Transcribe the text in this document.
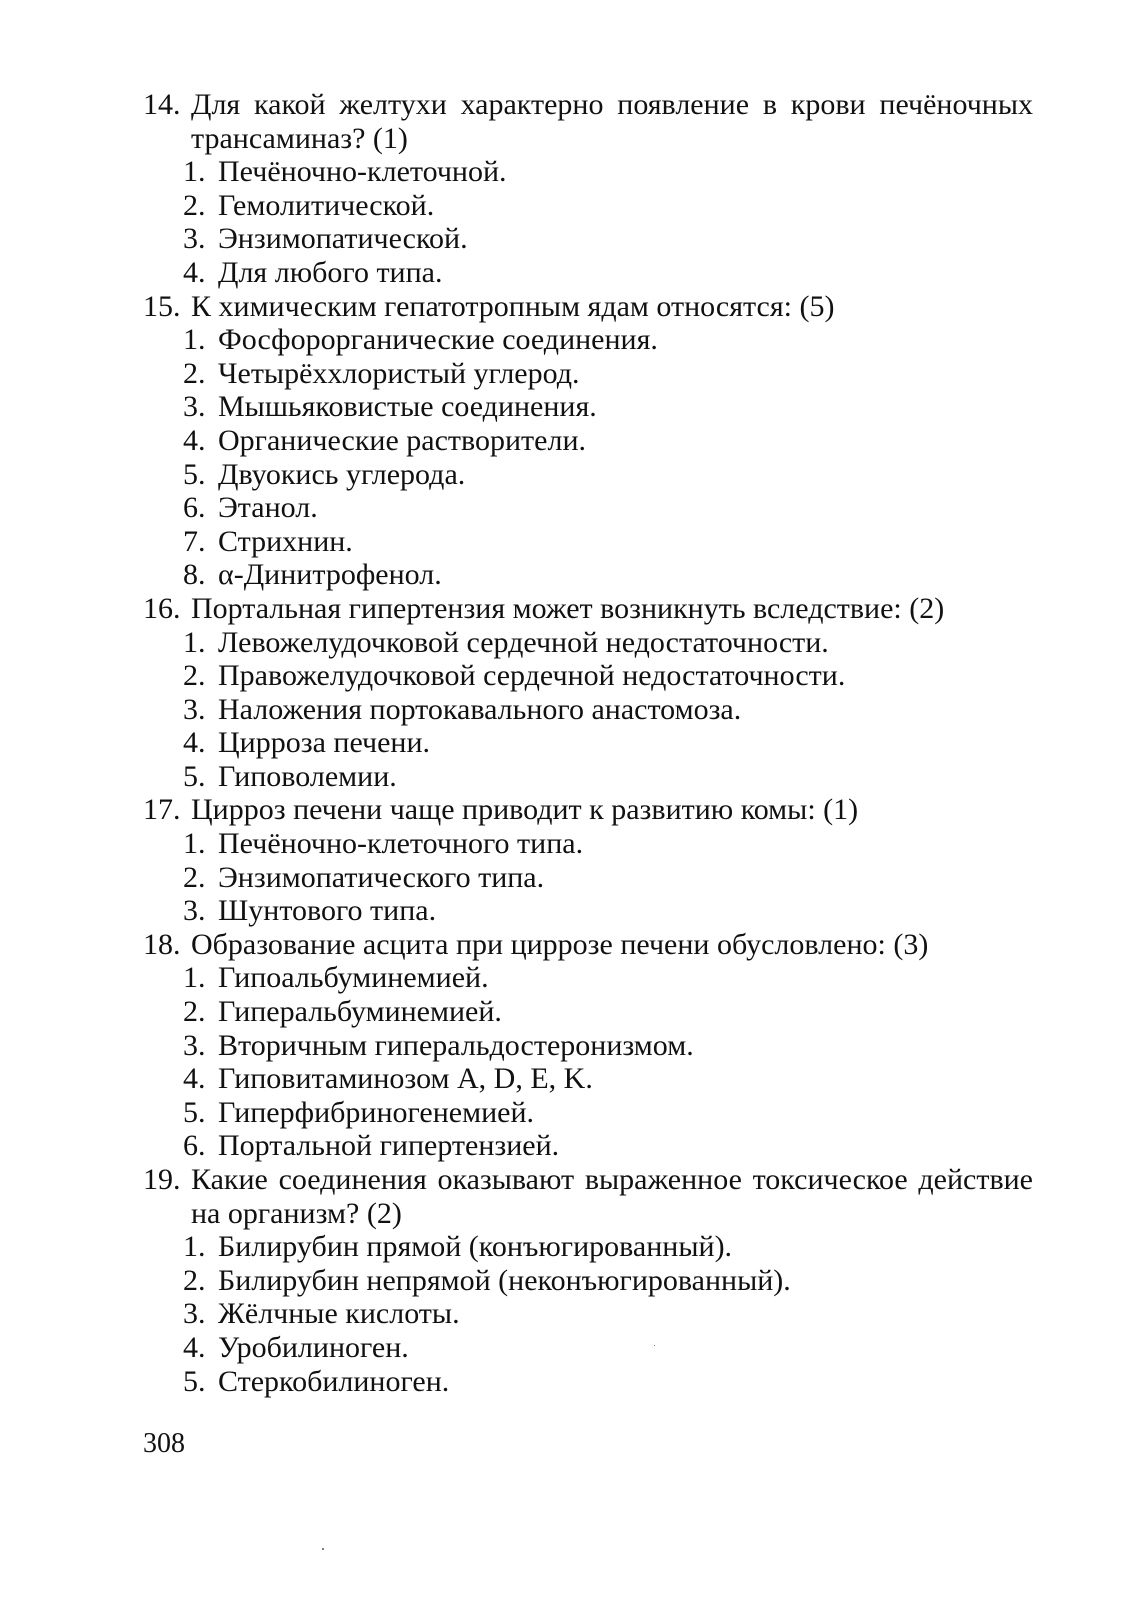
14. Для какой желтухи характерно появление в крови печёночных трансаминаз? (1)

1. Печёночно-клеточной.
2. Гемолитической.
3. Энзимопатической.
4. Для любого типа.

15. К химическим гепатотропным ядам относятся: (5)

1. Фосфорорганические соединения.
2. Четырёххлористый углерод.
3. Мышьяковистые соединения.
4. Органические растворители.
5. Двуокись углерода.
6. Этанол.
7. Стрихнин.
8. α-Динитрофенол.

16. Портальная гипертензия может возникнуть вследствие: (2)

1. Левожелудочковой сердечной недостаточности.
2. Правожелудочковой сердечной недостаточности.
3. Наложения портокавального анастомоза.
4. Цирроза печени.
5. Гиповолемии.

17. Цирроз печени чаще приводит к развитию комы: (1)

1. Печёночно-клеточного типа.
2. Энзимопатического типа.
3. Шунтового типа.

18. Образование асцита при циррозе печени обусловлено: (3)

1. Гипоальбуминемией.
2. Гиперальбуминемией.
3. Вторичным гиперальдостеронизмом.
4. Гиповитаминозом A, D, E, K.
5. Гиперфибриногенемией.
6. Портальной гипертензией.

19. Какие соединения оказывают выраженное токсическое действие на организм? (2)

1. Билирубин прямой (конъюгированный).
2. Билирубин непрямой (неконъюгированный).
3. Жёлчные кислоты.
4. Уробилиноген.
5. Стеркобилиноген.
308
